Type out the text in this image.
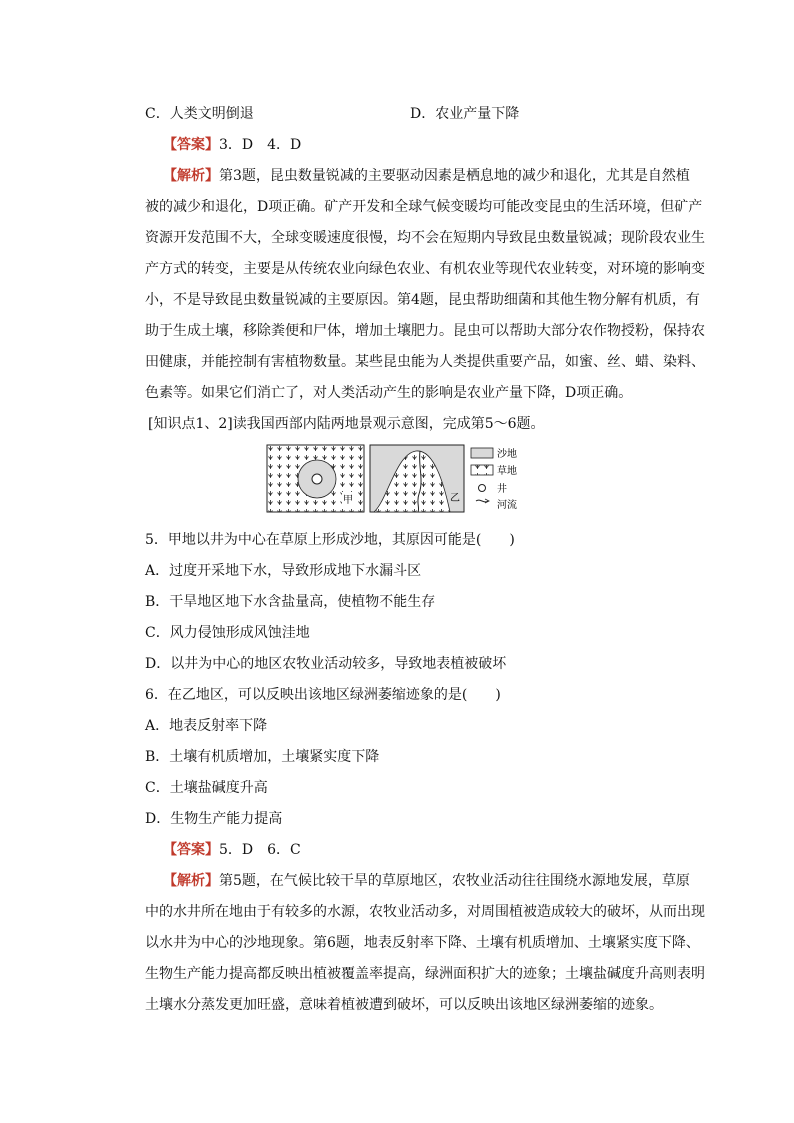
C．人类文明倒退	D．农业产量下降
【答案】3．D　4．D
【解析】第3题，昆虫数量锐减的主要驱动因素是栖息地的减少和退化，尤其是自然植
被的减少和退化，D项正确。矿产开发和全球气候变暖均可能改变昆虫的生活环境，但矿产
资源开发范围不大，全球变暖速度很慢，均不会在短期内导致昆虫数量锐减；现阶段农业生
产方式的转变，主要是从传统农业向绿色农业、有机农业等现代农业转变，对环境的影响变
小，不是导致昆虫数量锐减的主要原因。第4题，昆虫帮助细菌和其他生物分解有机质，有
助于生成土壤，移除粪便和尸体，增加土壤肥力。昆虫可以帮助大部分农作物授粉，保持农
田健康，并能控制有害植物数量。某些昆虫能为人类提供重要产品，如蜜、丝、蜡、染料、
色素等。如果它们消亡了，对人类活动产生的影响是农业产量下降，D项正确。
[知识点1、2]读我国西部内陆两地景观示意图，完成第5～6题。
甲	乙
沙地
草地
井
河流
5．甲地以井为中心在草原上形成沙地，其原因可能是(　　)
A．过度开采地下水，导致形成地下水漏斗区
B．干旱地区地下水含盐量高，使植物不能生存
C．风力侵蚀形成风蚀洼地
D．以井为中心的地区农牧业活动较多，导致地表植被破坏
6．在乙地区，可以反映出该地区绿洲萎缩迹象的是(　　)
A．地表反射率下降
B．土壤有机质增加，土壤紧实度下降
C．土壤盐碱度升高
D．生物生产能力提高
【答案】5．D　6．C
【解析】第5题，在气候比较干旱的草原地区，农牧业活动往往围绕水源地发展，草原
中的水井所在地由于有较多的水源，农牧业活动多，对周围植被造成较大的破坏，从而出现
以水井为中心的沙地现象。第6题，地表反射率下降、土壤有机质增加、土壤紧实度下降、
生物生产能力提高都反映出植被覆盖率提高，绿洲面积扩大的迹象；土壤盐碱度升高则表明
土壤水分蒸发更加旺盛，意味着植被遭到破坏，可以反映出该地区绿洲萎缩的迹象。
